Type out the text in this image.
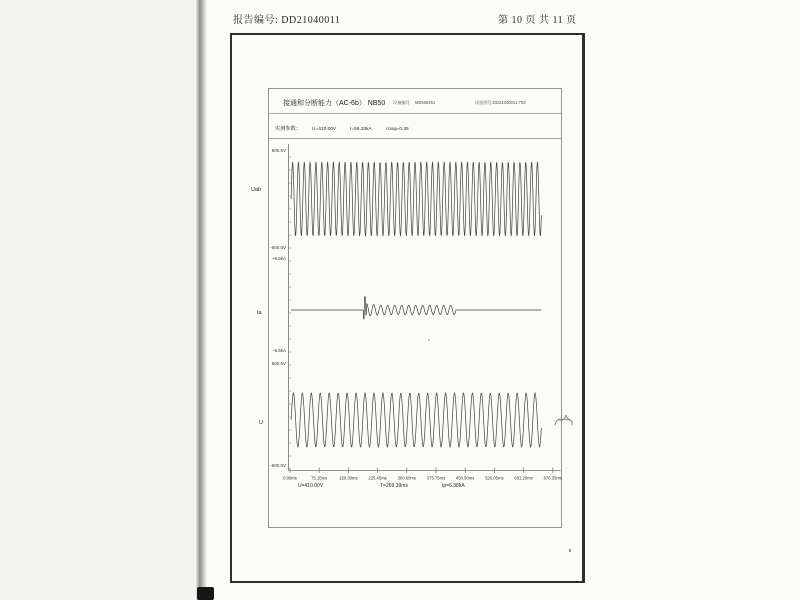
报告编号: DD21040011	第 10 页 共 11 页
接通和分断能力（AC-6b） NB50 设备编号 ME566461	试验图号:DD21040011-704
实测参数： U=410.00V	I=59.33kA	cosφ=0.35
600.0V
-600.0V
+6.5kA
-6.5kA
600.0V
-600.0V
Uab
Ia
U
U=410.00V	T=269.39ms	Ip=6.38kA
0.00ms	75.15ms	150.30ms	225.45ms	300.60ms	375.75ms	450.90ms	526.05ms	601.20ms	676.35ms
